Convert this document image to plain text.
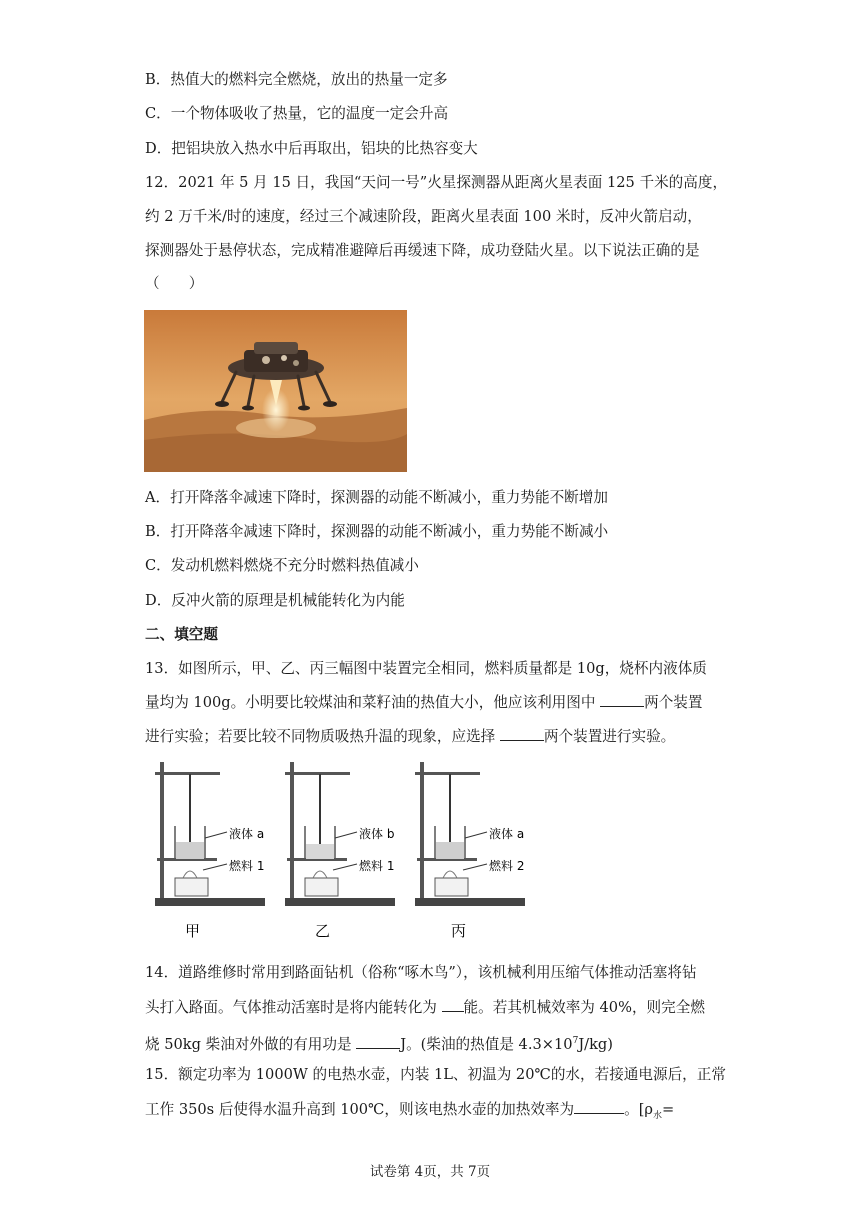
B．热值大的燃料完全燃烧，放出的热量一定多
C．一个物体吸收了热量，它的温度一定会升高
D．把铝块放入热水中后再取出，铝块的比热容变大
12．2021 年 5 月 15 日，我国“天问一号”火星探测器从距离火星表面 125 千米的高度，
约 2 万千米/时的速度，经过三个减速阶段，距离火星表面 100 米时，反冲火箭启动，
探测器处于悬停状态，完成精准避障后再缓速下降，成功登陆火星。以下说法正确的是
（　　）
A．打开降落伞减速下降时，探测器的动能不断减小，重力势能不断增加
B．打开降落伞减速下降时，探测器的动能不断减小，重力势能不断减小
C．发动机燃料燃烧不充分时燃料热值减小
D．反冲火箭的原理是机械能转化为内能
二、填空题
13．如图所示，甲、乙、丙三幅图中装置完全相同，燃料质量都是 10g，烧杯内液体质
量均为 100g。小明要比较煤油和菜籽油的热值大小，他应该利用图中	两个装置
进行实验；若要比较不同物质吸热升温的现象，应选择	两个装置进行实验。
液体 a
燃料 1
液体 b
燃料 1
液体 a
燃料 2
甲	乙	丙
14．道路维修时常用到路面钻机（俗称“啄木鸟”），该机械利用压缩气体推动活塞将钻
头打入路面。气体推动活塞时是将内能转化为 能。若其机械效率为 40%，则完全燃
烧 50kg 柴油对外做的有用功是	J。(柴油的热值是 $4.3\times 10^7J/kg$)
15．额定功率为 1000W 的电热水壶，内装 1L、初温为 20℃的水，若接通电源后，正常
工作 350s 后使得水温升高到 100℃，则该电热水壶的加热效率为	。[$\rho_水=$
试卷第 4页，共 7页
